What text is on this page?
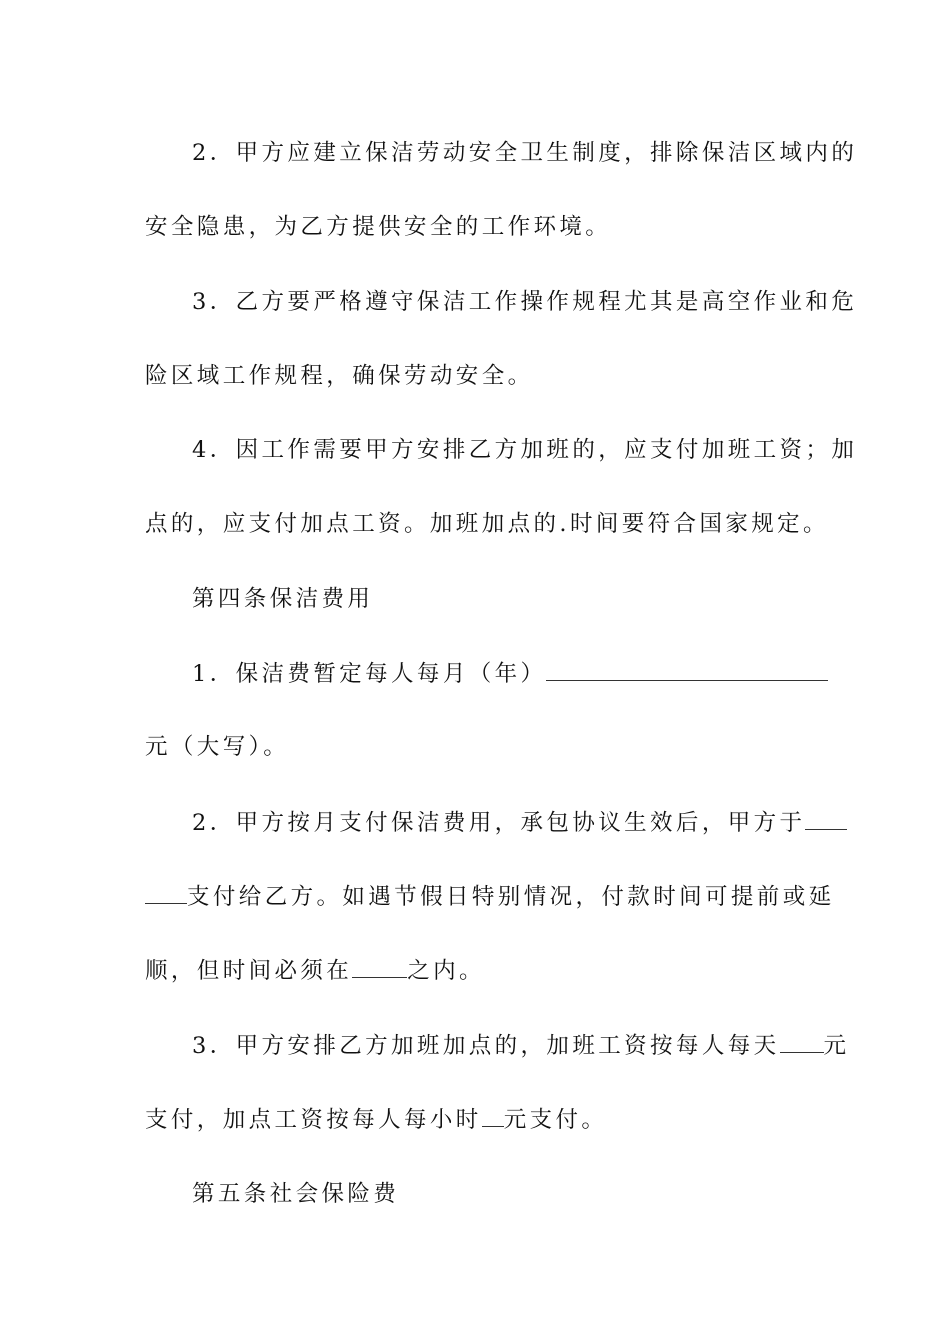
2．甲方应建立保洁劳动安全卫生制度，排除保洁区域内的
安全隐患，为乙方提供安全的工作环境。
3．乙方要严格遵守保洁工作操作规程尤其是高空作业和危
险区域工作规程，确保劳动安全。
4．因工作需要甲方安排乙方加班的，应支付加班工资；加
点的，应支付加点工资。加班加点的.时间要符合国家规定。
第四条保洁费用
1．保洁费暂定每人每月（年）
元（大写）。
2．甲方按月支付保洁费用，承包协议生效后，甲方于
支付给乙方。如遇节假日特别情况，付款时间可提前或延
顺，但时间必须在 之内。
3．甲方安排乙方加班加点的，加班工资按每人每天 元
支付，加点工资按每人每小时 元支付。
第五条社会保险费
